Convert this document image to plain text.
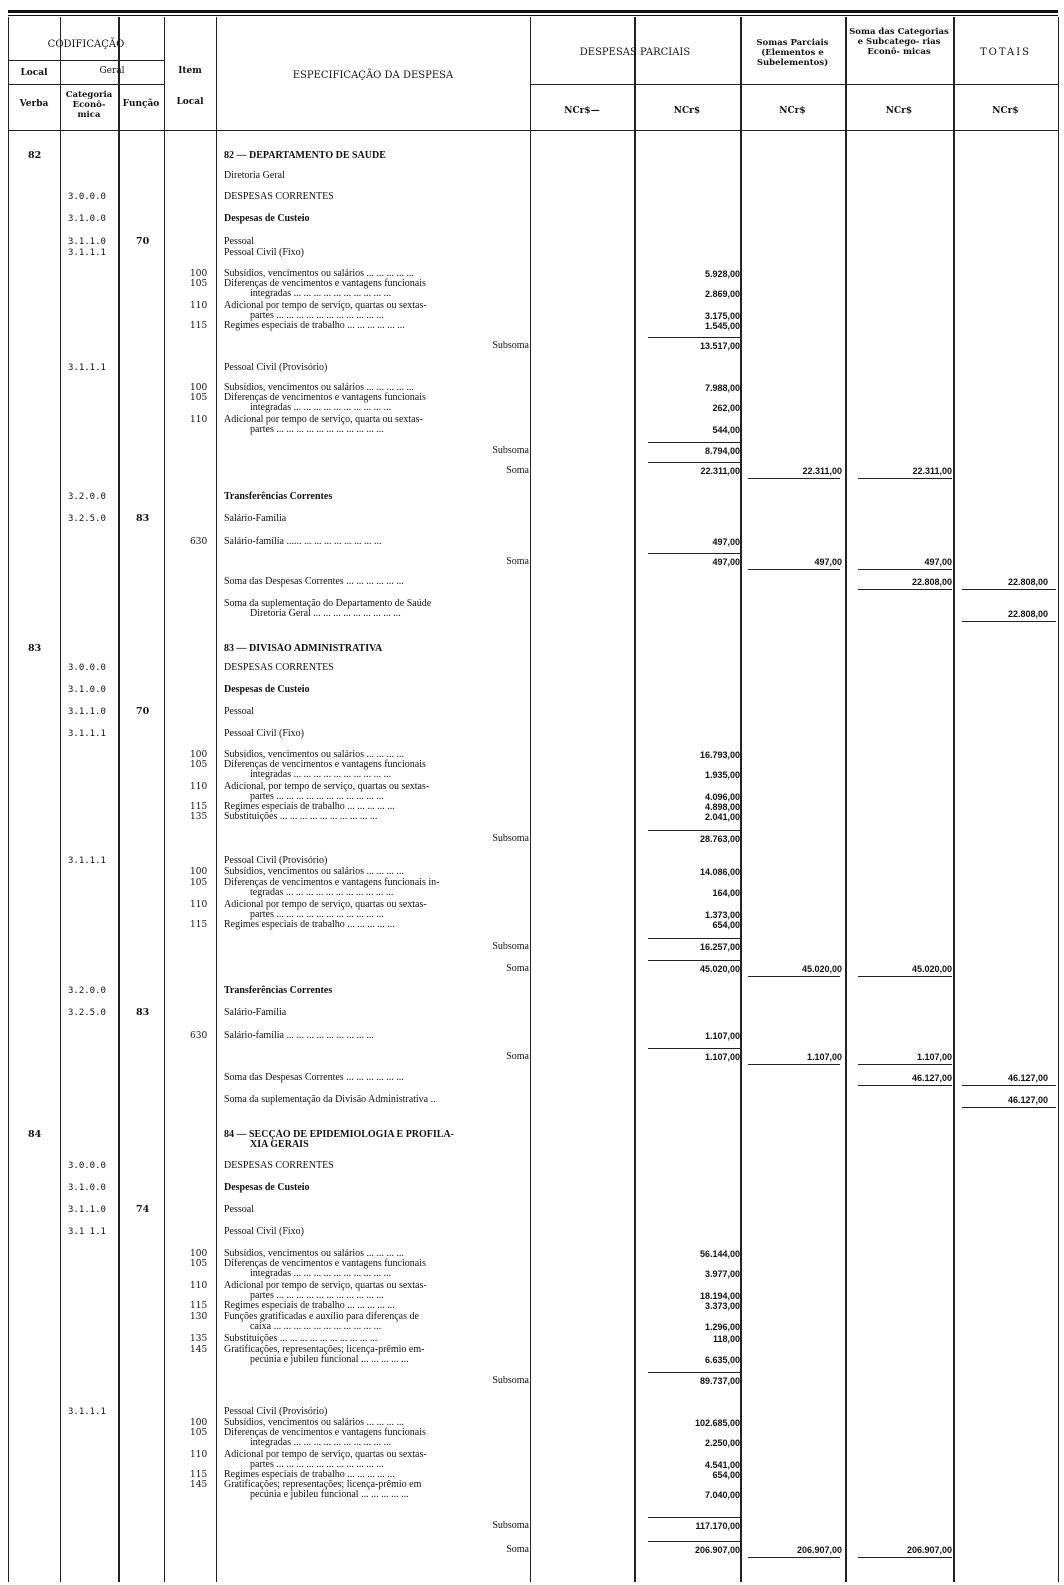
CODIFICAÇÃO
Local	Geral
Verba
Categoria Econô- mica
Função
Item
Local
ESPECIFICAÇÃO DA DESPESA
DESPESAS PARCIAIS
Somas Parciais (Elementos e Subelementos)
Soma das Categorias e Subcatego- rias Econô- micas	TOTAIS
NCr$—	NCr$	NCr$	NCr$	NCr$
82	82 — DEPARTAMENTO DE SAÚDE
Diretoria Geral
3.0.0.0	DESPESAS CORRENTES
3.1.0.0	Despesas de Custeio
3.1.1.0	70	Pessoal
3.1.1.1	Pessoal Civil (Fixo)
100 Subsídios, vencimentos ou salários ... ... ... ... ...	5.928,00
105 Diferenças de vencimentos e vantagens funcionais
integradas ... ... ... ... ... ... ... ... ... ...	2.869,00
110 Adicional por tempo de serviço, quartas ou sextas-
partes ... ... ... ... ... ... ... ... ... ... ...	3.175,00
115 Regimes especiais de trabalho ... ... ... ... ... ...	1.545,00
Subsoma	13.517,00
3.1.1.1	Pessoal Civil (Provisório)
100 Subsídios, vencimentos ou salários ... ... ... ... ...	7.988,00
105 Diferenças de vencimentos e vantagens funcionais
integradas ... ... ... ... ... ... ... ... ... ...	262,00
110 Adicional por tempo de serviço, quarta ou sextas-
partes ... ... ... ... ... ... ... ... ... ... ...	544,00
Subsoma	8.794,00
Soma	22.311,00	22.311,00	22.311,00
3.2.0.0	Transferências Correntes
3.2.5.0	83	Salário-Família
630 Salário-família ...... ... ... ... ... ... ... ... ...	497,00
Soma	497,00	497,00	497,00
Soma das Despesas Correntes ... ... ... ... ... ...	22.808,00	22.808,00
Soma da suplementação do Departamento de Saúde
Diretoria Geral ... ... ... ... ... ... ... ... ...	22.808,00
83	83 — DIVISÃO ADMINISTRATIVA
3.0.0.0	DESPESAS CORRENTES
3.1.0.0	Despesas de Custeio
3.1.1.0	70	Pessoal
3.1.1.1	Pessoal Civil (Fixo)
100 Subsídios, vencimentos ou salários ... ... ... ...	16.793,00
105 Diferenças de vencimentos e vantagens funcionais
integradas ... ... ... ... ... ... ... ... ... ...	1.935,00
110 Adicional, por tempo de serviço, quartas ou sextas-
partes ... ... ... ... ... ... ... ... ... ... ...	4.096,00
115 Regimes especiais de trabalho ... ... ... ... ...	4.898,00
135 Substituições ... ... ... ... ... ... ... ... ... ...	2.041,00
Subsoma	28.763,00
3.1.1.1	Pessoal Civil (Provisório)
100 Subsídios, vencimentos ou salários ... ... ... ...	14.086,00
105 Diferenças de vencimentos e vantagens funcionais in-
tegradas ... ... ... ... ... ... ... ... ... ... ...	164,00
110 Adicional por tempo de serviço, quartas ou sextas-
partes ... ... ... ... ... ... ... ... ... ... ...	1.373,00
115 Regimes especiais de trabalho ... ... ... ... ...	654,00
Subsoma	16.257,00
Soma	45.020,00	45.020,00	45.020,00
3.2.0.0	Transferências Correntes
3.2.5.0	83	Salário-Família
630 Salário-família ... ... ... ... ... ... ... ... ...	1.107,00
Soma	1.107,00	1.107,00	1.107,00
Soma das Despesas Correntes ... ... ... ... ... ...	46.127,00	46.127,00
Soma da suplementação da Divisão Administrativa ..	46.127,00
84	84 — SECÇÃO DE EPIDEMIOLOGIA E PROFILA-
XIA GERAIS
3.0.0.0	DESPESAS CORRENTES
3.1.0.0	Despesas de Custeio
3.1.1.0	74	Pessoal
3.1 1.1	Pessoal Civil (Fixo)
100 Subsídios, vencimentos ou salários ... ... ... ...	56.144,00
105 Diferenças de vencimentos e vantagens funcionais
integradas ... ... ... ... ... ... ... ... ... ...	3.977,00
110 Adicional por tempo de serviço, quartas ou sextas-
partes ... ... ... ... ... ... ... ... ... ... ...	18.194,00
115 Regimes especiais de trabalho ... ... ... ... ...	3.373,00
130 Funções gratificadas e auxílio para diferenças de
caixa ... ... ... ... ... ... ... ... ... ... ...	1.296,00
135 Substituições ... ... ... ... ... ... ... ... ... ...	118,00
145 Gratificações, representações; licença-prêmio em-
pecúnia e jubileu funcional ... ... ... ... ...	6.635,00
Subsoma	89.737,00
3.1.1.1	Pessoal Civil (Provisório)
100 Subsídios, vencimentos ou salários ... ... ... ...	102.685,00
105 Diferenças de vencimentos e vantagens funcionais
integradas ... ... ... ... ... ... ... ... ... ...	2.250,00
110 Adicional por tempo de serviço, quartas ou sextas-
partes ... ... ... ... ... ... ... ... ... ... ...	4.541,00
115 Regimes especiais de trabalho ... ... ... ... ...	654,00
145 Gratificações; representações; licença-prêmio em
pecúnia e jubileu funcional ... ... ... ... ...	7.040,00
Subsoma	117.170,00
Soma	206.907,00	206.907,00	206.907,00
